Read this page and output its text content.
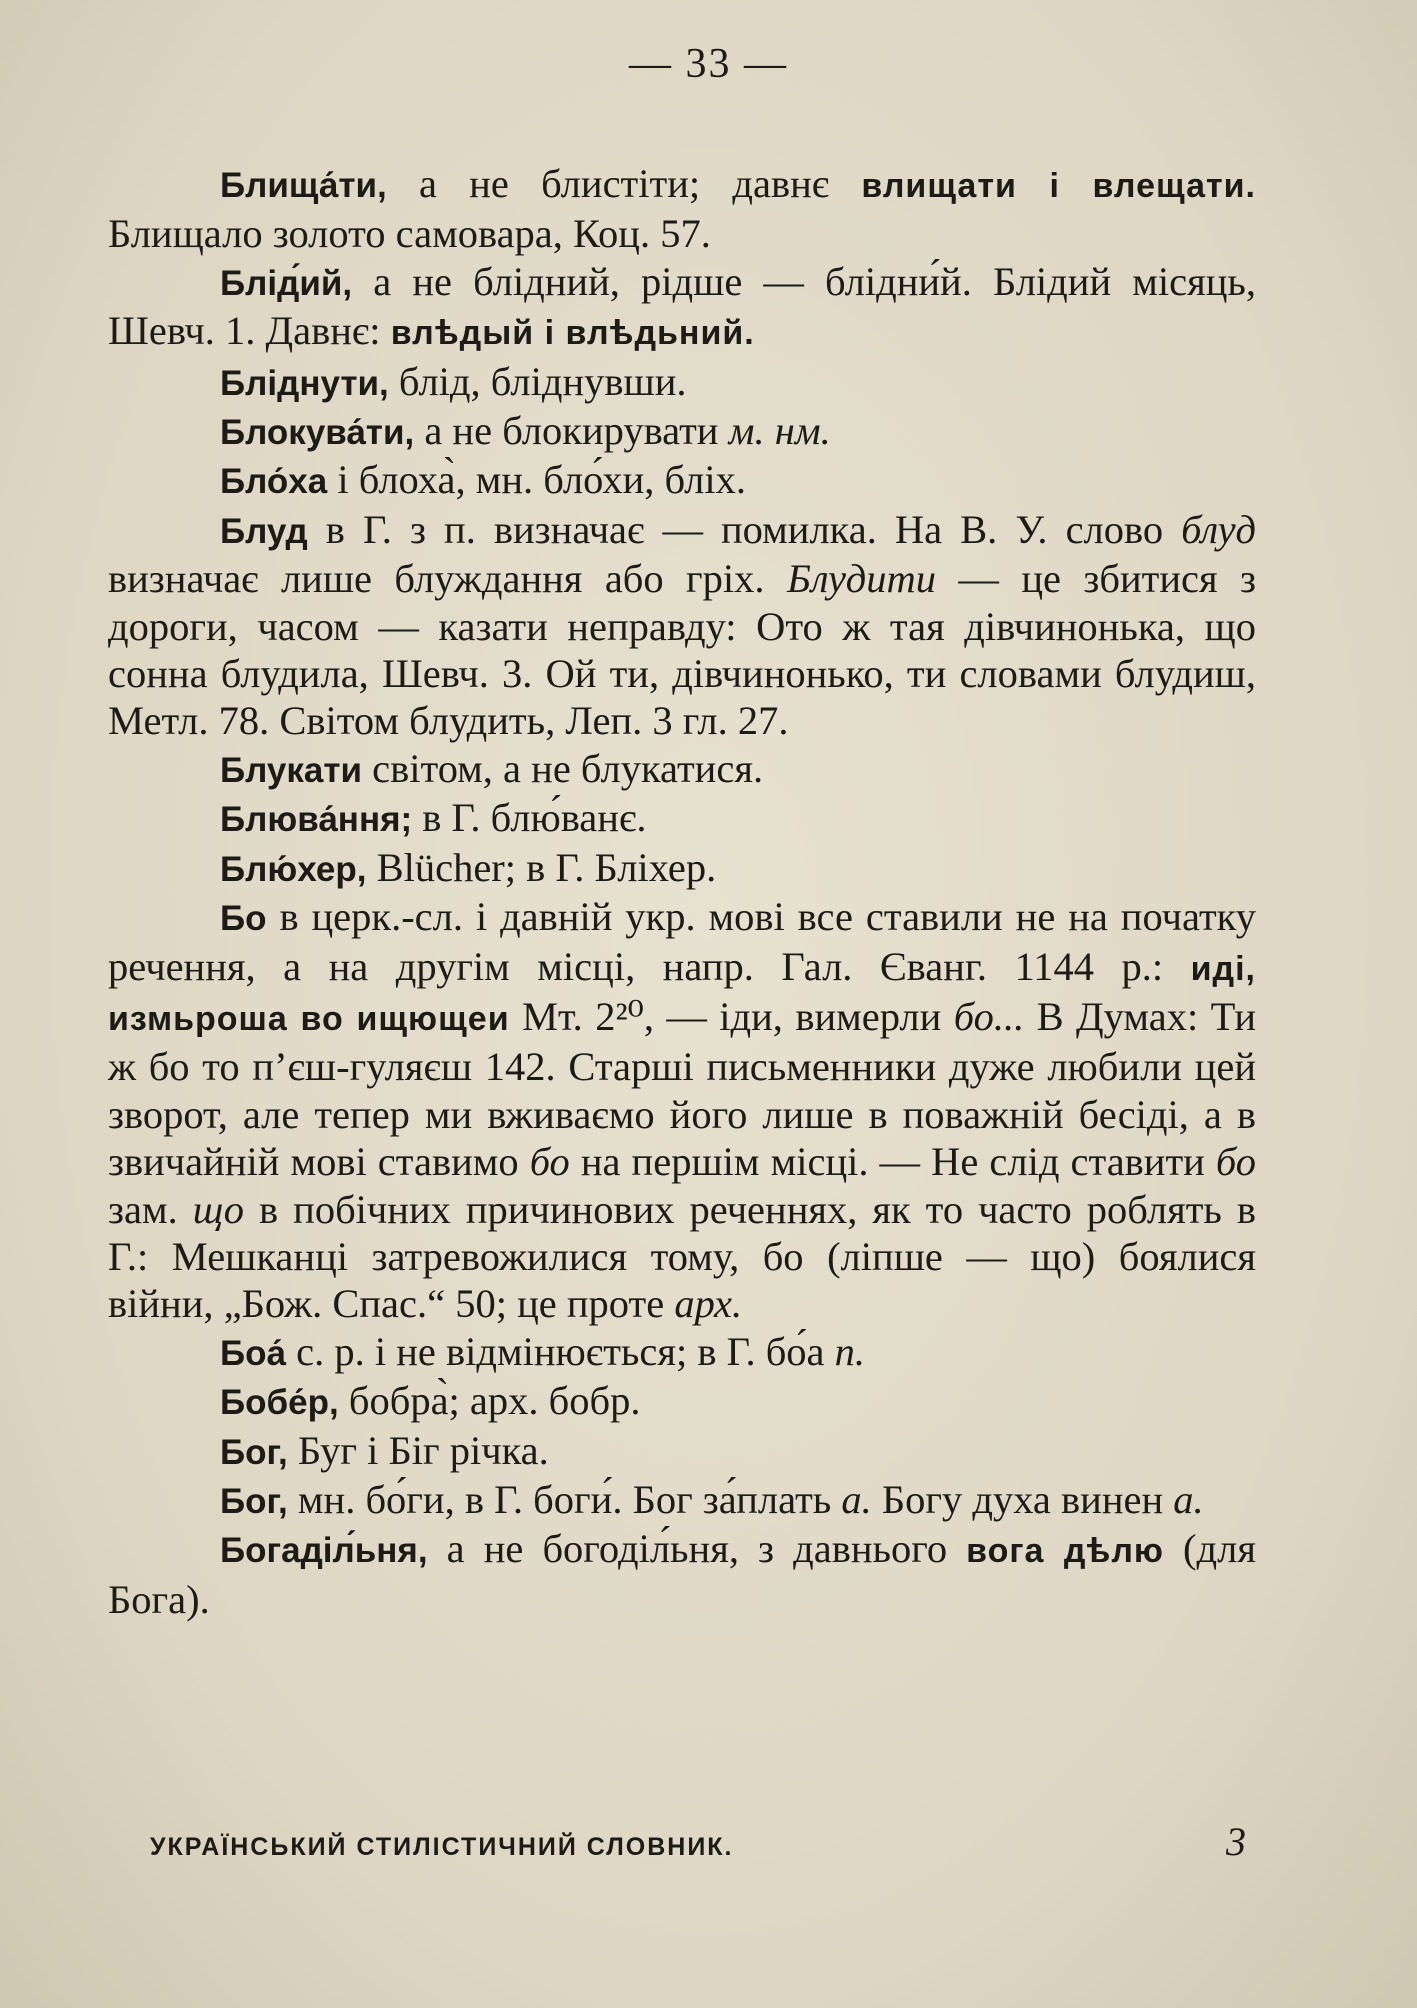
— 33 —

Блища́ти, а не блистіти; давнє влищати і влещати. Блищало золото самовара, Коц. 57.

Блід́ий, а не блідний, рідше — блідни́й. Блідий місяць, Шевч. 1. Давнє: влѣдый і влѣдьний.

Бліднути, блід, бліднувши.

Блокува́ти, а не блокирувати м. нм.

Бло́ха і блоха̀, мн. бло́хи, бліх.

Блуд в Г. з п. визначає — помилка. На В. У. слово блуд визначає лише блуждання або гріх. Блудити — це збитися з дороги, часом — казати неправду: Ото ж тая дівчинонька, що сонна блудила, Шевч. 3. Ой ти, дівчинонько, ти словами блудиш, Метл. 78. Світом блудить, Леп. 3 гл. 27.

Блукати світом, а не блукатися.

Блюва́ння; в Г. блю́ванє.

Блю́хер, Blücher; в Г. Бліхер.

Бо в церк.-сл. і давній укр. мові все ставили не на початку речення, а на другім місці, напр. Гал. Єванг. 1144 р.: иді, измьроша во ищющеи Мт. 2²⁰, — іди, вимерли бо... В Думах: Ти ж бо то п’єш-гуляєш 142. Старші письменники дуже любили цей зворот, але тепер ми вживаємо його лише в поважній бесіді, а в звичайній мові ставимо бо на першім місці. — Не слід ставити бо зам. що в побічних причинових реченнях, як то часто роблять в Г.: Мешканці затревожилися тому, бо (ліпше — що) боялися війни, „Бож. Спас.“ 50; це проте арх.

Боа́ с. р. і не відмінюється; в Г. бо́а п.

Бобе́р, бобра̀; арх. бобр.

Бог, Буг і Біг річка.

Бог, мн. бо́ги, в Г. боги́. Бог за́плать а. Богу духа винен а.

Богаділ́ьня, а не богоділ́ьня, з давнього вога дѣлю (для Бога).

УКРАЇНСЬКИЙ СТИЛІСТИЧНИЙ СЛОВНИК.	3
